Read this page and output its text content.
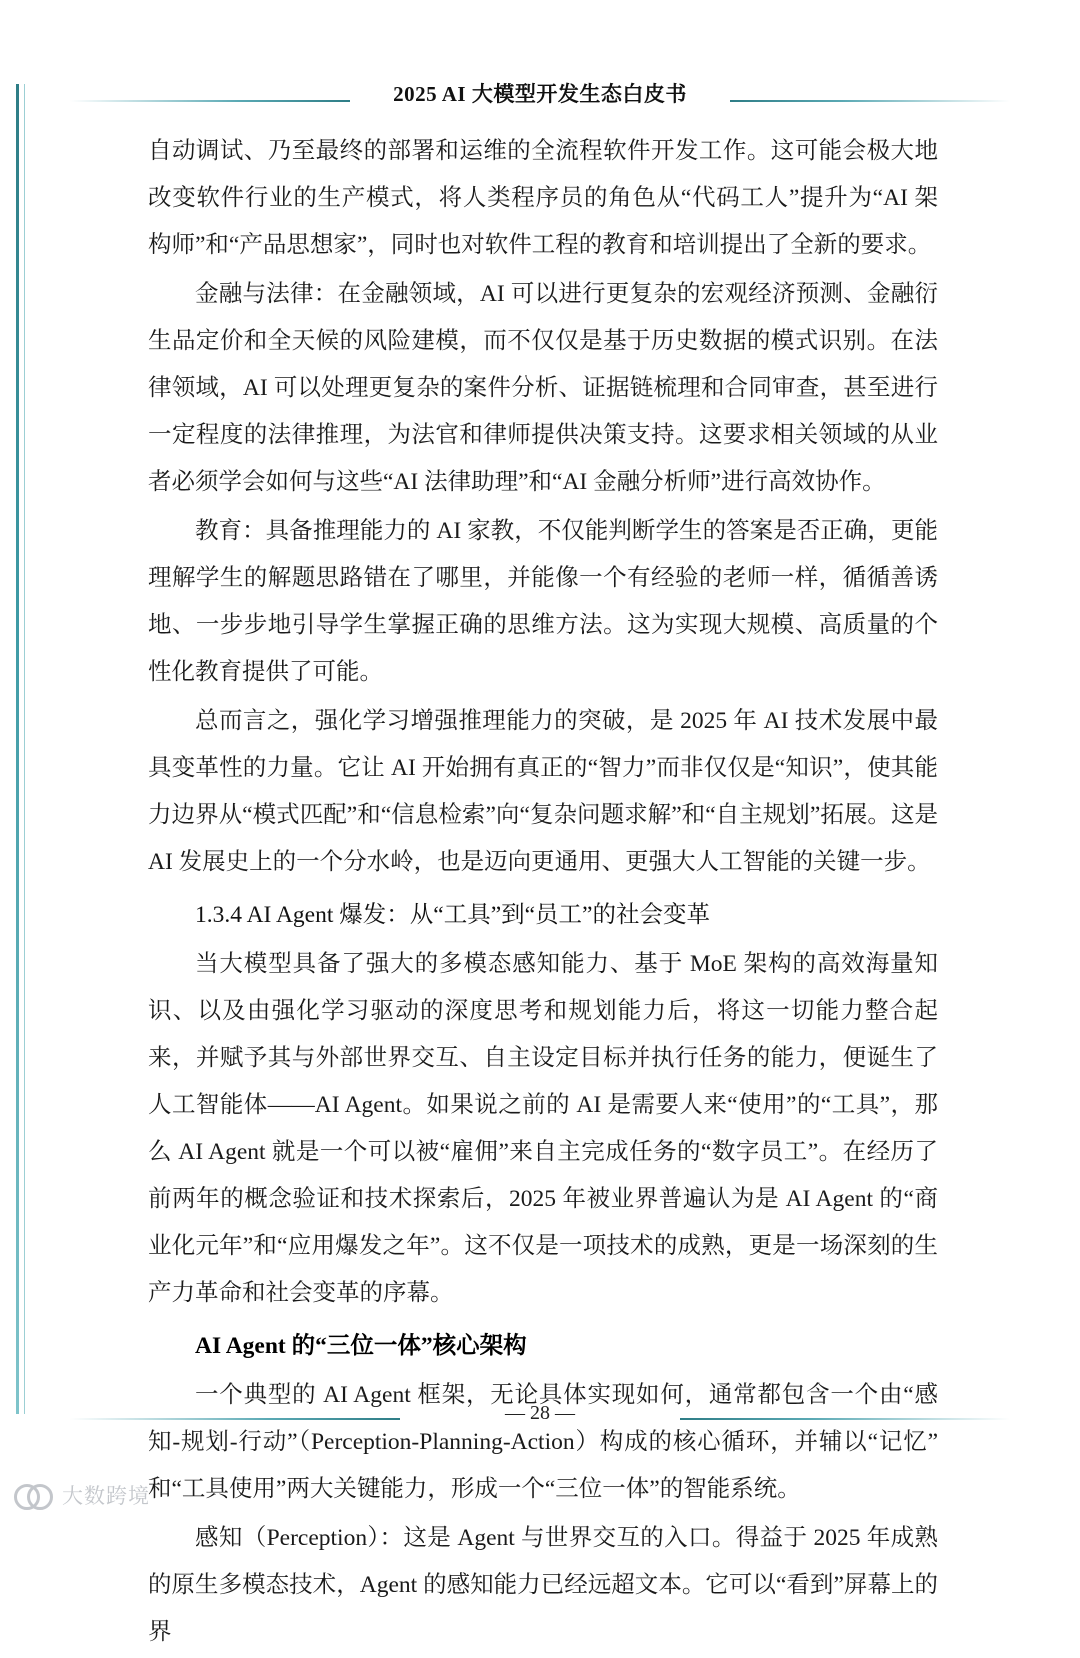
2025 AI 大模型开发生态白皮书

自动调试、乃至最终的部署和运维的全流程软件开发工作。这可能会极大地改变软件行业的生产模式，将人类程序员的角色从“代码工人”提升为“AI 架构师”和“产品思想家”，同时也对软件工程的教育和培训提出了全新的要求。

金融与法律：在金融领域，AI 可以进行更复杂的宏观经济预测、金融衍生品定价和全天候的风险建模，而不仅仅是基于历史数据的模式识别。在法律领域，AI 可以处理更复杂的案件分析、证据链梳理和合同审查，甚至进行一定程度的法律推理，为法官和律师提供决策支持。这要求相关领域的从业者必须学会如何与这些“AI 法律助理”和“AI 金融分析师”进行高效协作。

教育：具备推理能力的 AI 家教，不仅能判断学生的答案是否正确，更能理解学生的解题思路错在了哪里，并能像一个有经验的老师一样，循循善诱地、一步步地引导学生掌握正确的思维方法。这为实现大规模、高质量的个性化教育提供了可能。

总而言之，强化学习增强推理能力的突破，是 2025 年 AI 技术发展中最具变革性的力量。它让 AI 开始拥有真正的“智力”而非仅仅是“知识”，使其能力边界从“模式匹配”和“信息检索”向“复杂问题求解”和“自主规划”拓展。这是 AI 发展史上的一个分水岭，也是迈向更通用、更强大人工智能的关键一步。

1.3.4 AI Agent 爆发：从“工具”到“员工”的社会变革

当大模型具备了强大的多模态感知能力、基于 MoE 架构的高效海量知识、以及由强化学习驱动的深度思考和规划能力后，将这一切能力整合起来，并赋予其与外部世界交互、自主设定目标并执行任务的能力，便诞生了人工智能体——AI Agent。如果说之前的 AI 是需要人来“使用”的“工具”，那么 AI Agent 就是一个可以被“雇佣”来自主完成任务的“数字员工”。在经历了前两年的概念验证和技术探索后，2025 年被业界普遍认为是 AI Agent 的“商业化元年”和“应用爆发之年”。这不仅是一项技术的成熟，更是一场深刻的生产力革命和社会变革的序幕。

AI Agent 的“三位一体”核心架构

一个典型的 AI Agent 框架，无论具体实现如何，通常都包含一个由“感知-规划-行动”（Perception-Planning-Action）构成的核心循环，并辅以“记忆”和“工具使用”两大关键能力，形成一个“三位一体”的智能系统。

感知（Perception）：这是 Agent 与世界交互的入口。得益于 2025 年成熟的原生多模态技术，Agent 的感知能力已经远超文本。它可以“看到”屏幕上的界

— 28 —
大数跨境
